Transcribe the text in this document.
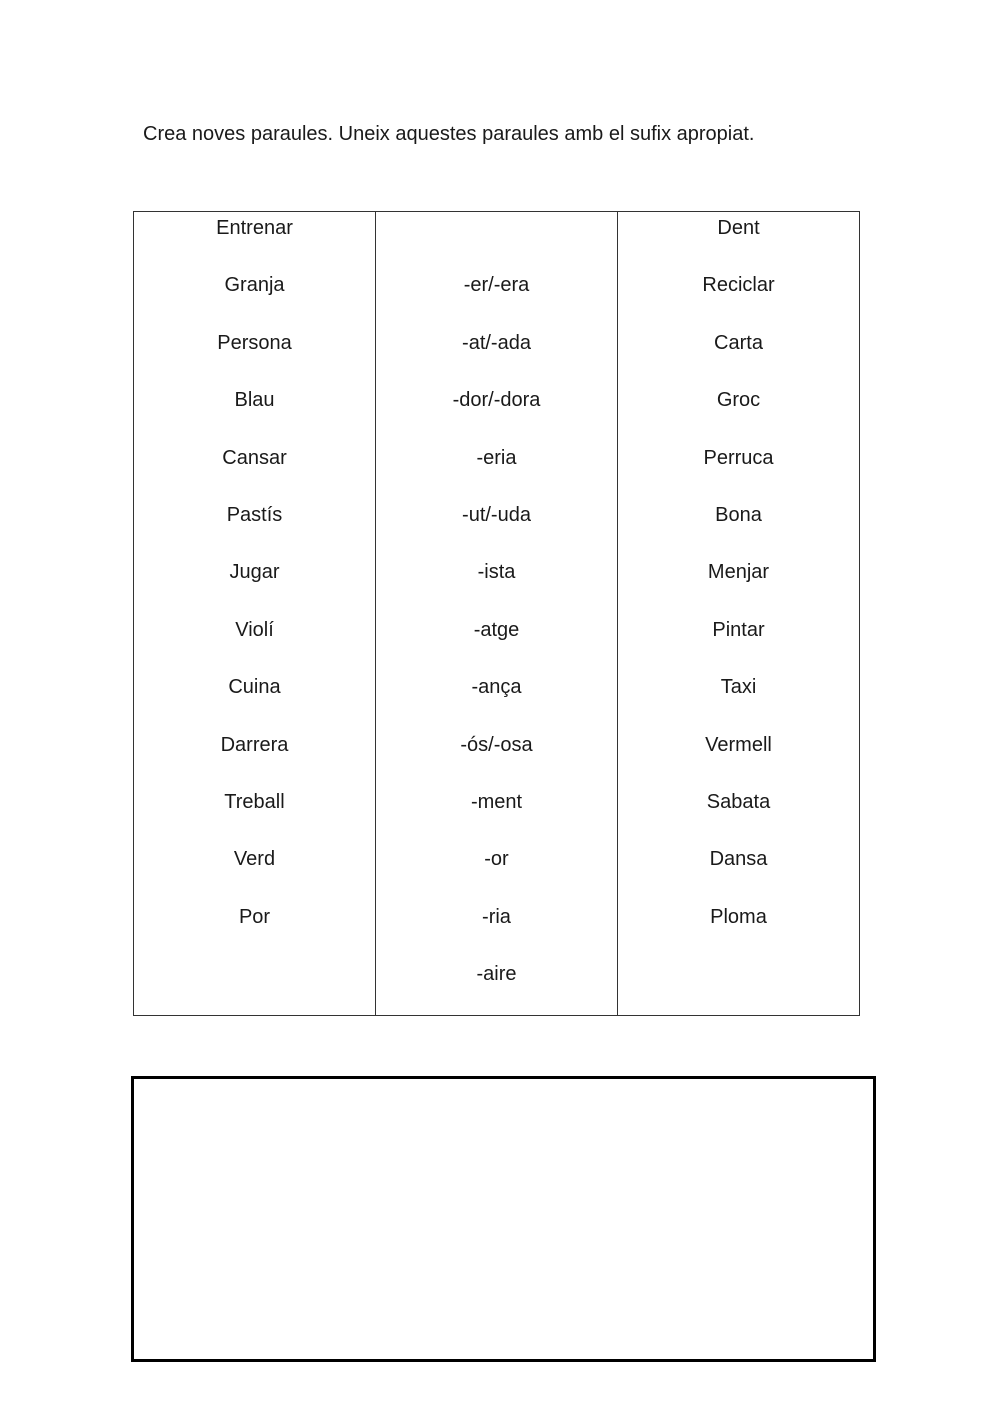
Crea noves paraules. Uneix aquestes paraules amb el sufix apropiat.
Entrenar
Granja
Persona
Blau
Cansar
Pastís
Jugar
Violí
Cuina
Darrera
Treball
Verd
Por
-er/-era
-at/-ada
-dor/-dora
-eria
-ut/-uda
-ista
-atge
-ança
-ós/-osa
-ment
-or
-ria
-aire
Dent
Reciclar
Carta
Groc
Perruca
Bona
Menjar
Pintar
Taxi
Vermell
Sabata
Dansa
Ploma
